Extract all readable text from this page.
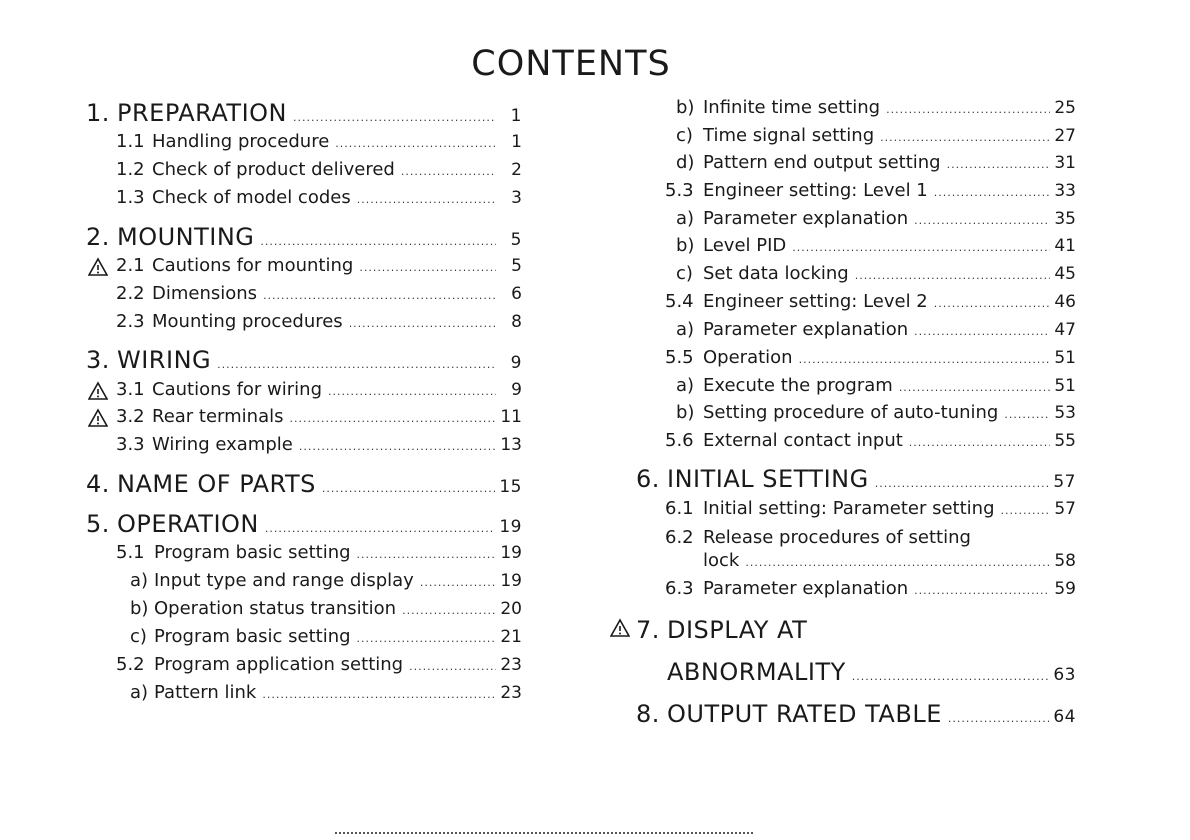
CONTENTS
1. PREPARATION .....	1
1.1 Handling procedure .....	1
1.2 Check of product delivered .....	2
1.3 Check of model codes .....	3
2. MOUNTING .....	5
2.1 Cautions for mounting .....	5
2.2 Dimensions .....	6
2.3 Mounting procedures .....	8
3. WIRING .....	9
3.1 Cautions for wiring .....	9
3.2 Rear terminals .....	11
3.3 Wiring example .....	13
4. NAME OF PARTS .....	15
5. OPERATION .....	19
5.1 Program basic setting .....	19
a) Input type and range display .....	19
b) Operation status transition .....	20
c) Program basic setting .....	21
5.2 Program application setting .....	23
a) Pattern link .....	23
b) Infinite time setting .....	25
c) Time signal setting .....	27
d) Pattern end output setting .....	31
5.3 Engineer setting: Level 1 .....	33
a) Parameter explanation .....	35
b) Level PID .....	41
c) Set data locking .....	45
5.4 Engineer setting: Level 2 .....	46
a) Parameter explanation .....	47
5.5 Operation .....	51
a) Execute the program .....	51
b) Setting procedure of auto-tuning .....	53
5.6 External contact input .....	55
6. INITIAL SETTING .....	57
6.1 Initial setting: Parameter setting .....	57
6.2 Release procedures of setting
lock .....	58
6.3 Parameter explanation .....	59
7. DISPLAY AT
ABNORMALITY .....	63
8. OUTPUT RATED TABLE .....	64
